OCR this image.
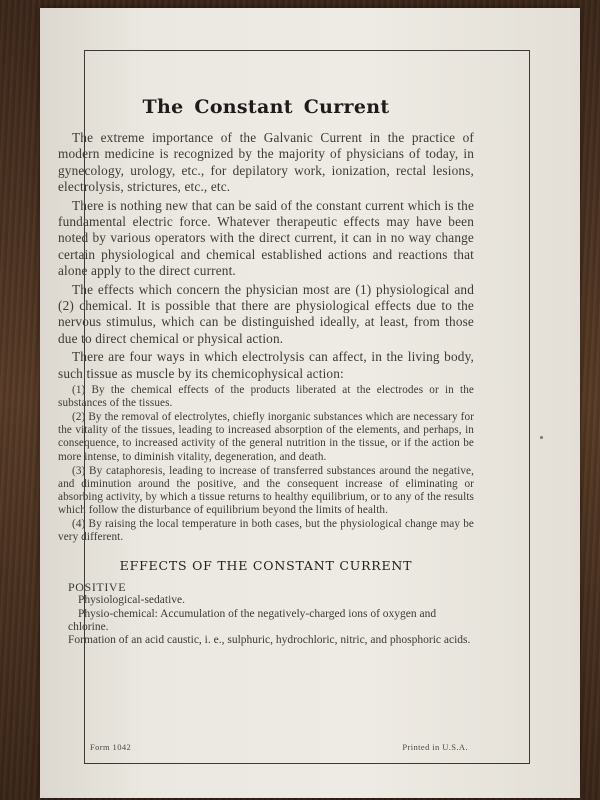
The Constant Current

The extreme importance of the Galvanic Current in the practice of modern medicine is recognized by the majority of physicians of today, in gynecology, urology, etc., for depilatory work, ionization, rectal lesions, electrolysis, strictures, etc., etc.

There is nothing new that can be said of the constant current which is the fundamental electric force. Whatever therapeutic effects may have been noted by various operators with the direct current, it can in no way change certain physiological and chemical established actions and reactions that alone apply to the direct current.

The effects which concern the physician most are (1) physiological and (2) chemical. It is possible that there are physiological effects due to the nervous stimulus, which can be distinguished ideally, at least, from those due to direct chemical or physical action.

There are four ways in which electrolysis can affect, in the living body, such tissue as muscle by its chemicophysical action:

(1) By the chemical effects of the products liberated at the electrodes or in the substances of the tissues.

(2) By the removal of electrolytes, chiefly inorganic substances which are necessary for the vitality of the tissues, leading to increased absorption of the elements, and perhaps, in consequence, to increased activity of the general nutrition in the tissue, or if the action be more intense, to diminish vitality, degeneration, and death.

(3) By cataphoresis, leading to increase of transferred substances around the negative, and diminution around the positive, and the consequent increase of eliminating or absorbing activity, by which a tissue returns to healthy equilibrium, or to any of the results which follow the disturbance of equilibrium beyond the limits of health.

(4) By raising the local temperature in both cases, but the physiological change may be very different.

EFFECTS OF THE CONSTANT CURRENT
POSITIVE

Physiological-sedative.

Physio-chemical: Accumulation of the negatively-charged ions of oxygen and chlorine.

Formation of an acid caustic, i. e., sulphuric, hydrochloric, nitric, and phosphoric acids.

Form 1042	Printed in U.S.A.
